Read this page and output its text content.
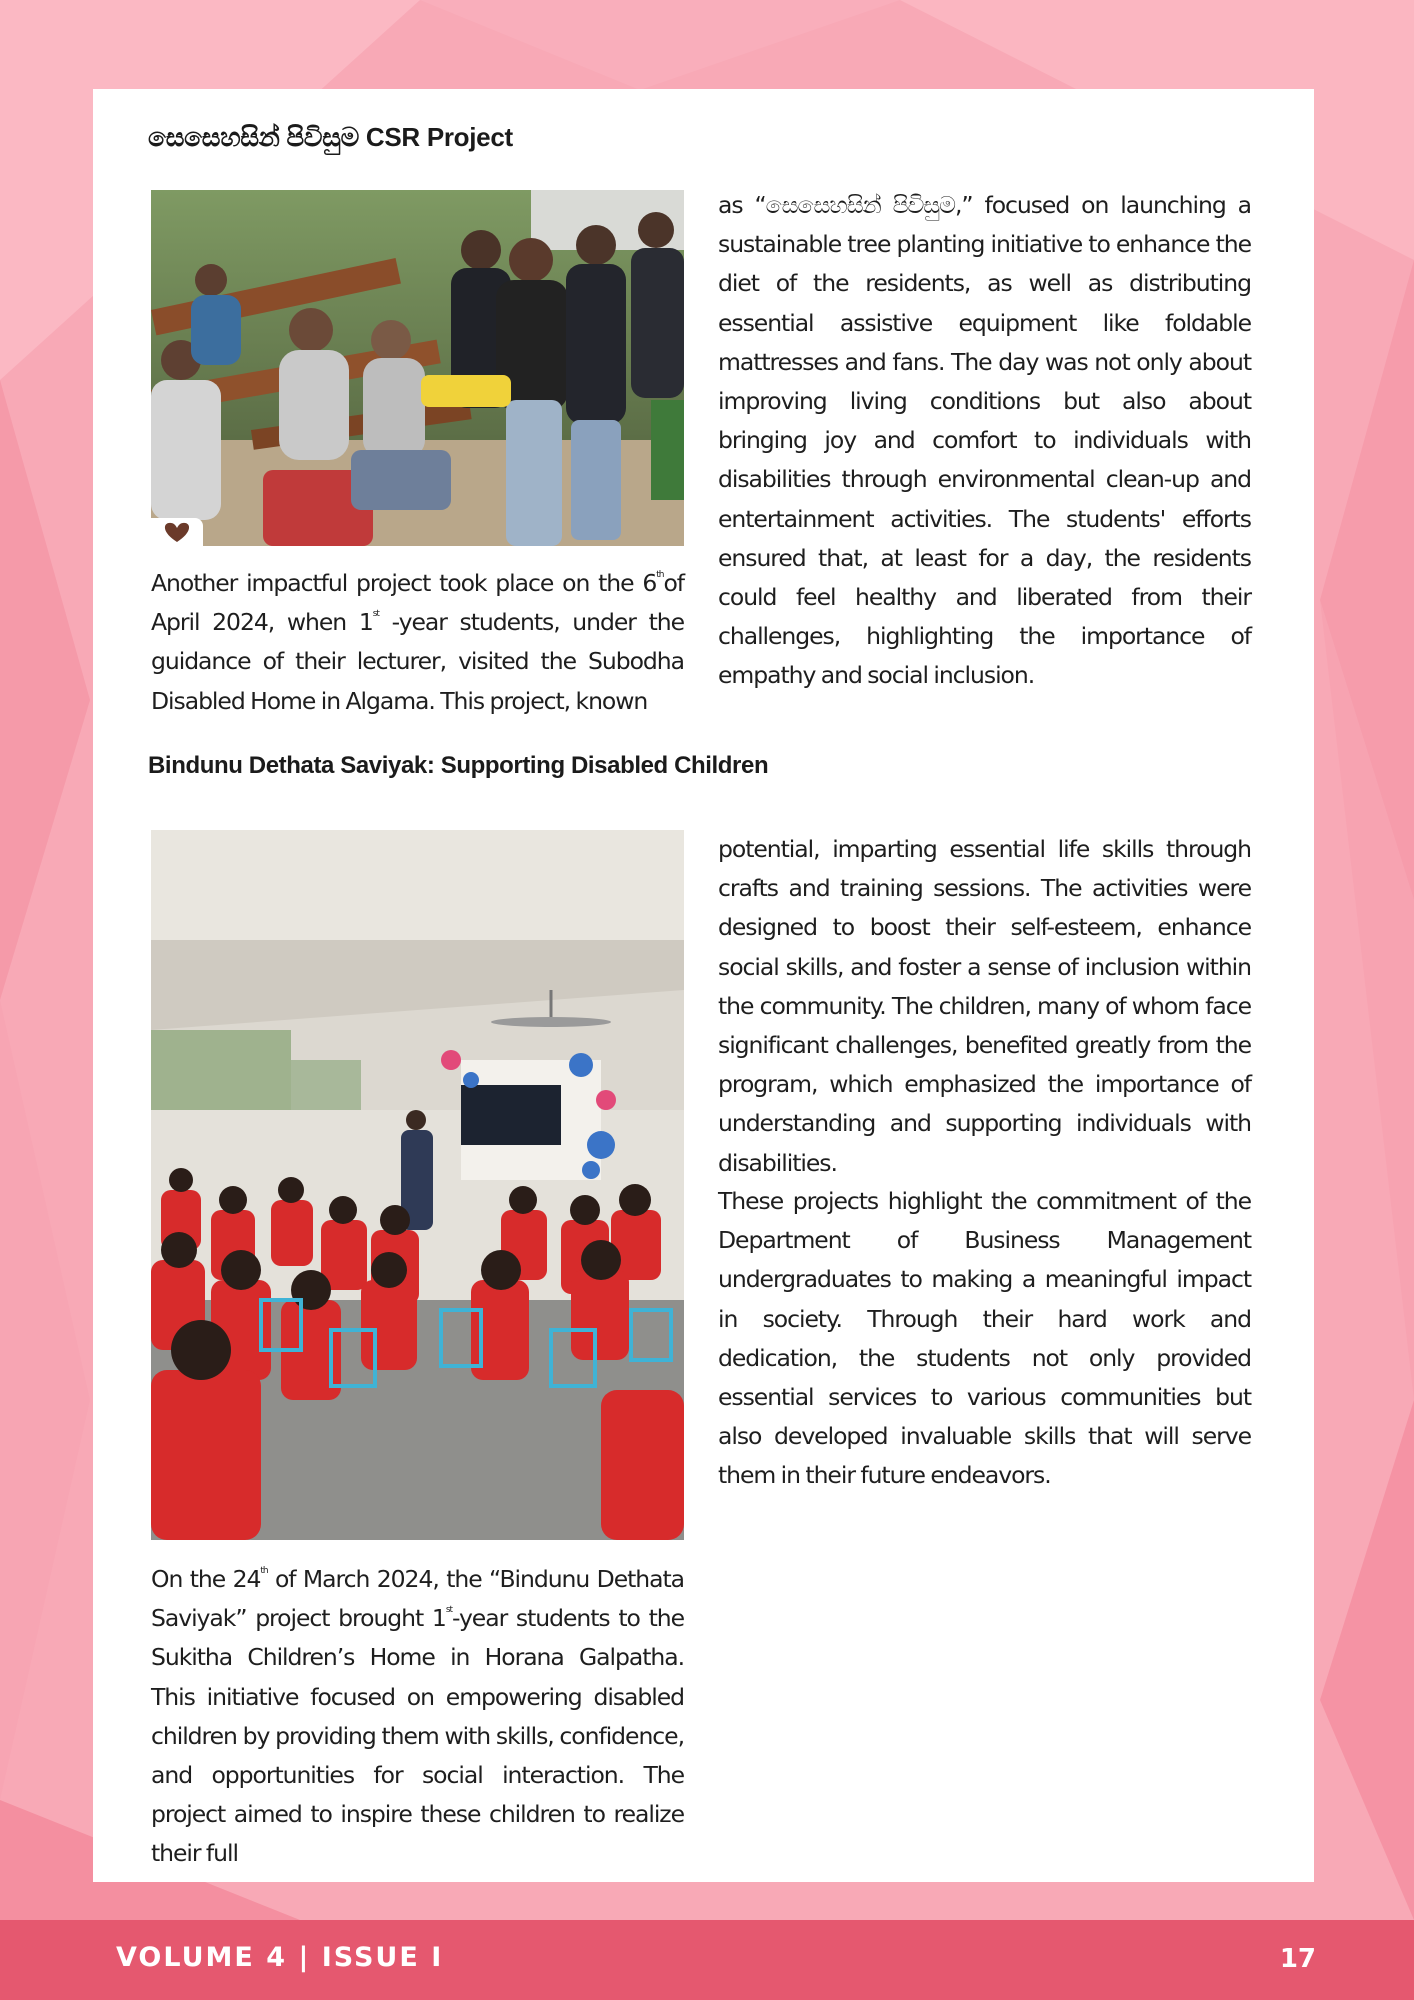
සෙසෙහසින් පිවිසුම CSR Project

Another impactful project took place on the 6thof April 2024, when 1st -year students, under the guidance of their lecturer, visited the Subodha Disabled Home in Algama. This project, known

as “සෙසෙහසින් පිවිසුම,” focused on launching a sustainable tree planting initiative to enhance the diet of the residents, as well as distributing essential assistive equipment like foldable mattresses and fans. The day was not only about improving living conditions but also about bringing joy and comfort to individuals with disabilities through environmental clean-up and entertainment activities. The students' efforts ensured that, at least for a day, the residents could feel healthy and liberated from their challenges, highlighting the importance of empathy and social inclusion.

Bindunu Dethata Saviyak: Supporting Disabled Children

On the 24th of March 2024, the “Bindunu Dethata Saviyak” project brought 1st-year students to the Sukitha Children’s Home in Horana Galpatha. This initiative focused on empowering disabled children by providing them with skills, confidence, and opportunities for social interaction. The project aimed to inspire these children to realize their full

potential, imparting essential life skills through crafts and training sessions. The activities were designed to boost their self-esteem, enhance social skills, and foster a sense of inclusion within the community. The children, many of whom face significant challenges, benefited greatly from the program, which emphasized the importance of understanding and supporting individuals with disabilities.

These projects highlight the commitment of the Department of Business Management undergraduates to making a meaningful impact in society. Through their hard work and dedication, the students not only provided essential services to various communities but also developed invaluable skills that will serve them in their future endeavors.

VOLUME 4 | ISSUE I	17
